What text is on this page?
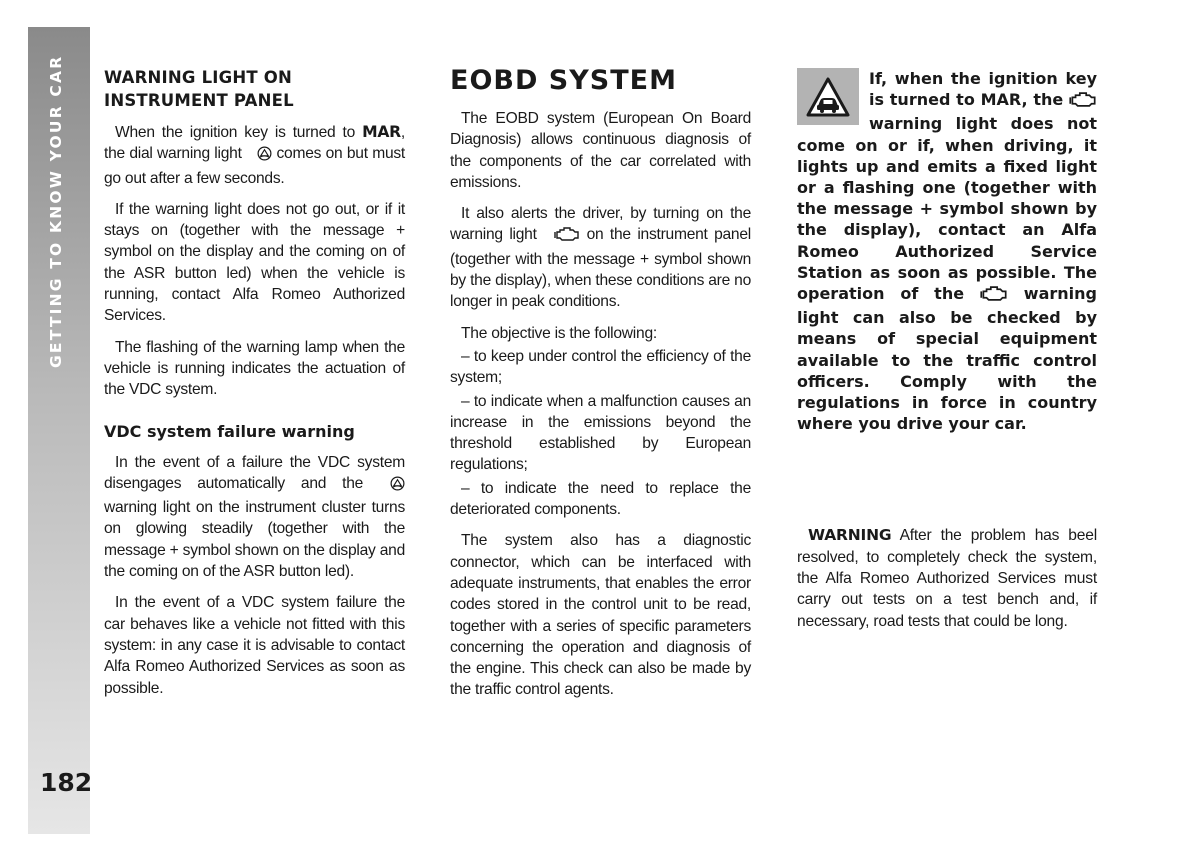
GETTING TO KNOW YOUR CAR
182
WARNING LIGHT ON
INSTRUMENT PANEL

When the ignition key is turned to MAR, the dial warning light  comes on but must go out after a few seconds.

If the warning light does not go out, or if it stays on (together with the message + symbol on the display and the coming on of the ASR button led) when the vehicle is running, contact Alfa Romeo Authorized Services.

The flashing of the warning lamp when the vehicle is running indicates the actuation of the VDC system.

VDC system failure warning

In the event of a failure the VDC system disengages automatically and the  warning light on the instrument cluster turns on glowing steadily (together with the message + symbol shown on the display and the coming on of the ASR button led).

In the event of a VDC system failure the car behaves like a vehicle not fitted with this system: in any case it is advisable to contact Alfa Romeo Authorized Services as soon as possible.

EOBD SYSTEM

The EOBD system (European On Board Diagnosis) allows continuous diagnosis of the components of the car correlated with emissions.

It also alerts the driver, by turning on the warning light  on the instrument panel (together with the message + symbol shown by the display), when these conditions are no longer in peak conditions.

The objective is the following:

– to keep under control the efficiency of the system;

– to indicate when a malfunction causes an increase in the emissions beyond the threshold established by European regulations;

– to indicate the need to replace the deteriorated components.

The system also has a diagnostic connector, which can be interfaced with adequate instruments, that enables the error codes stored in the control unit to be read, together with a series of specific parameters concerning the operation and diagnosis of the engine. This check can also be made by the traffic control agents.

If, when the ignition key is turned to MAR, the  warning light does not come on or if, when driving, it lights up and emits a fixed light or a flashing one (together with the message + symbol shown by the display), contact an Alfa Romeo Authorized Service Station as soon as possible. The operation of the  warning light can also be checked by means of special equipment available to the traffic control officers. Comply with the regulations in force in country where you drive your car.
WARNING After the problem has beel resolved, to completely check the system, the Alfa Romeo Authorized Services must carry out tests on a test bench and, if necessary, road tests that could be long.
